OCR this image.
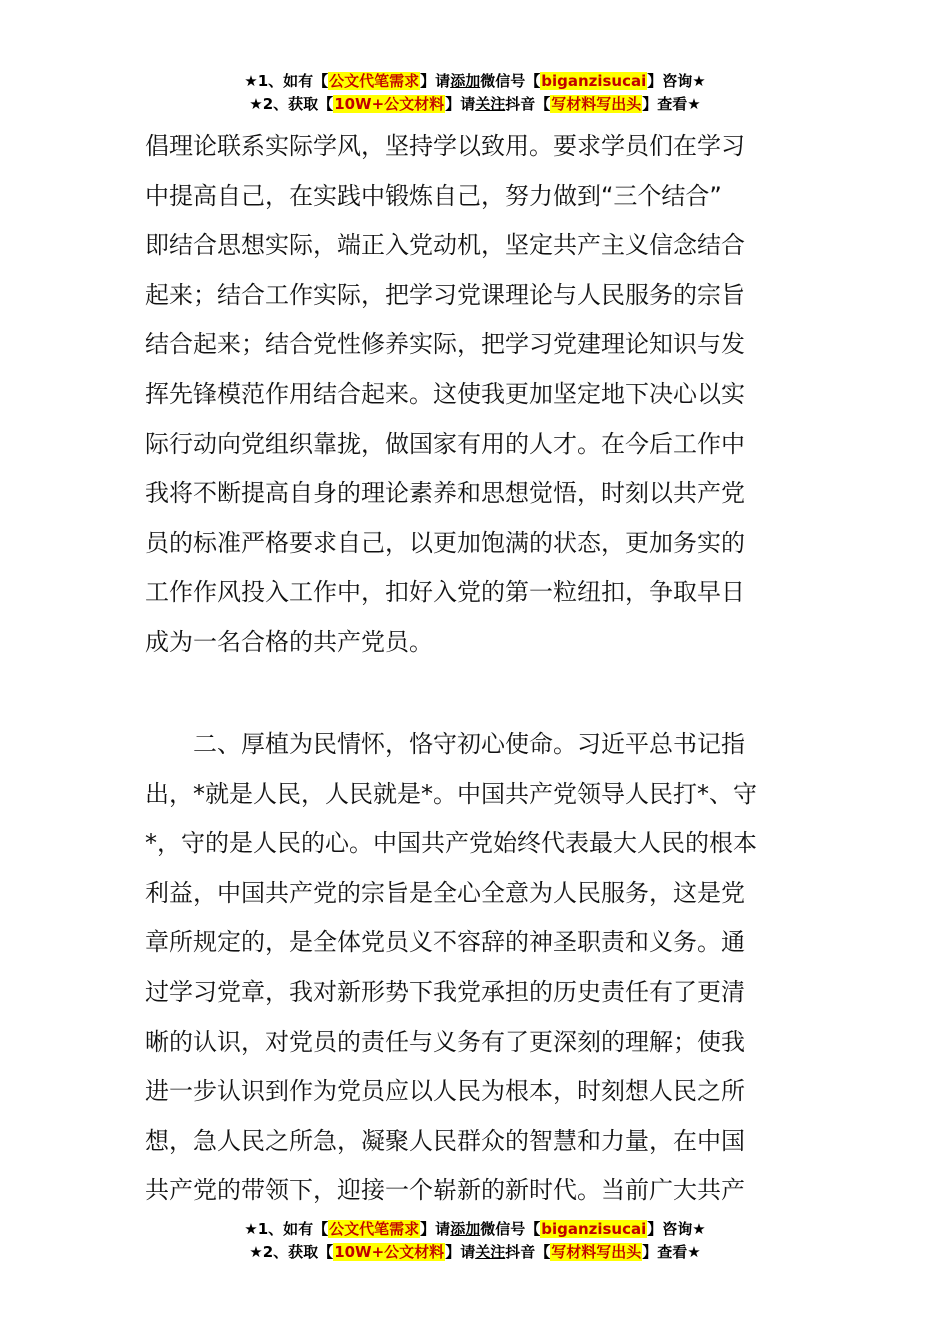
★1、如有【公文代笔需求】请添加微信号【biganzisucai】咨询★
★2、获取【10W+公文材料】请关注抖音【写材料写出头】查看★
倡理论联系实际学风，坚持学以致用。要求学员们在学习
中提高自己，在实践中锻炼自己，努力做到“三个结合”
即结合思想实际，端正入党动机，坚定共产主义信念结合
起来；结合工作实际，把学习党课理论与人民服务的宗旨
结合起来；结合党性修养实际，把学习党建理论知识与发
挥先锋模范作用结合起来。这使我更加坚定地下决心以实
际行动向党组织靠拢，做国家有用的人才。在今后工作中
我将不断提高自身的理论素养和思想觉悟，时刻以共产党
员的标准严格要求自己，以更加饱满的状态，更加务实的
工作作风投入工作中，扣好入党的第一粒纽扣，争取早日
成为一名合格的共产党员。
二、厚植为民情怀，恪守初心使命。习近平总书记指
出，*就是人民，人民就是*。中国共产党领导人民打*、守
*，守的是人民的心。中国共产党始终代表最大人民的根本
利益，中国共产党的宗旨是全心全意为人民服务，这是党
章所规定的，是全体党员义不容辞的神圣职责和义务。通
过学习党章，我对新形势下我党承担的历史责任有了更清
晰的认识，对党员的责任与义务有了更深刻的理解；使我
进一步认识到作为党员应以人民为根本，时刻想人民之所
想，急人民之所急，凝聚人民群众的智慧和力量，在中国
共产党的带领下，迎接一个崭新的新时代。当前广大共产
★1、如有【公文代笔需求】请添加微信号【biganzisucai】咨询★
★2、获取【10W+公文材料】请关注抖音【写材料写出头】查看★
